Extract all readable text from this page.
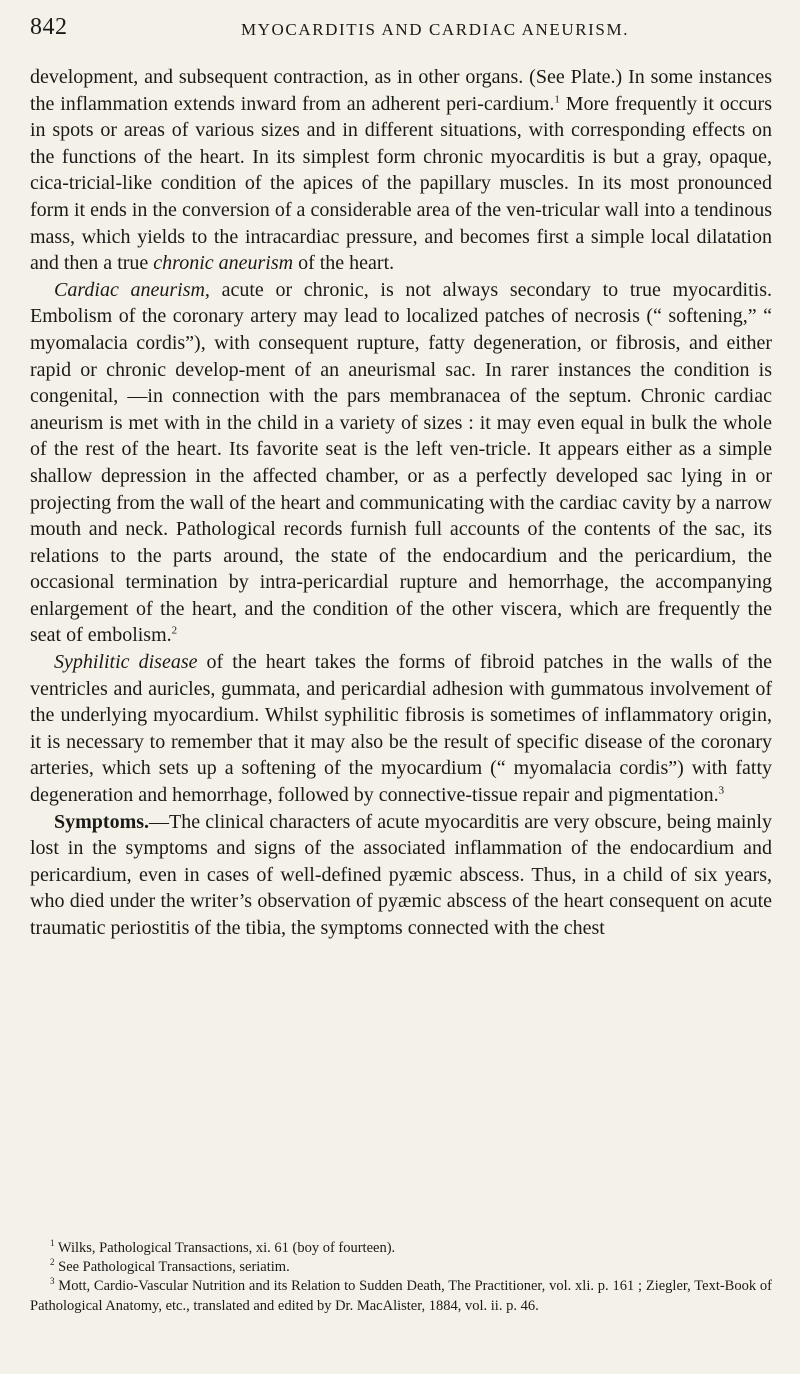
842	MYOCARDITIS AND CARDIAC ANEURISM.

development, and subsequent contraction, as in other organs. (See Plate.) In some instances the inflammation extends inward from an adherent peri-cardium.$^1$ More frequently it occurs in spots or areas of various sizes and in different situations, with corresponding effects on the functions of the heart. In its simplest form chronic myocarditis is but a gray, opaque, cica-tricial-like condition of the apices of the papillary muscles. In its most pronounced form it ends in the conversion of a considerable area of the ven-tricular wall into a tendinous mass, which yields to the intracardiac pressure, and becomes first a simple local dilatation and then a true chronic aneurism of the heart.

Cardiac aneurism, acute or chronic, is not always secondary to true myocarditis. Embolism of the coronary artery may lead to localized patches of necrosis (“ softening,” “ myomalacia cordis”), with consequent rupture, fatty degeneration, or fibrosis, and either rapid or chronic develop-ment of an aneurismal sac. In rarer instances the condition is congenital, —in connection with the pars membranacea of the septum. Chronic cardiac aneurism is met with in the child in a variety of sizes : it may even equal in bulk the whole of the rest of the heart. Its favorite seat is the left ven-tricle. It appears either as a simple shallow depression in the affected chamber, or as a perfectly developed sac lying in or projecting from the wall of the heart and communicating with the cardiac cavity by a narrow mouth and neck. Pathological records furnish full accounts of the contents of the sac, its relations to the parts around, the state of the endocardium and the pericardium, the occasional termination by intra-pericardial rupture and hemorrhage, the accompanying enlargement of the heart, and the condition of the other viscera, which are frequently the seat of embolism.$^2$

Syphilitic disease of the heart takes the forms of fibroid patches in the walls of the ventricles and auricles, gummata, and pericardial adhesion with gummatous involvement of the underlying myocardium. Whilst syphilitic fibrosis is sometimes of inflammatory origin, it is necessary to remember that it may also be the result of specific disease of the coronary arteries, which sets up a softening of the myocardium (“ myomalacia cordis”) with fatty degeneration and hemorrhage, followed by connective-tissue repair and pigmentation.$^3$

Symptoms.—The clinical characters of acute myocarditis are very obscure, being mainly lost in the symptoms and signs of the associated inflammation of the endocardium and pericardium, even in cases of well-defined pyæmic abscess. Thus, in a child of six years, who died under the writer’s observation of pyæmic abscess of the heart consequent on acute traumatic periostitis of the tibia, the symptoms connected with the chest

$^1$ Wilks, Pathological Transactions, xi. 61 (boy of fourteen).

$^2$ See Pathological Transactions, seriatim.

$^3$ Mott, Cardio-Vascular Nutrition and its Relation to Sudden Death, The Practitioner, vol. xli. p. 161 ; Ziegler, Text-Book of Pathological Anatomy, etc., translated and edited by Dr. MacAlister, 1884, vol. ii. p. 46.
